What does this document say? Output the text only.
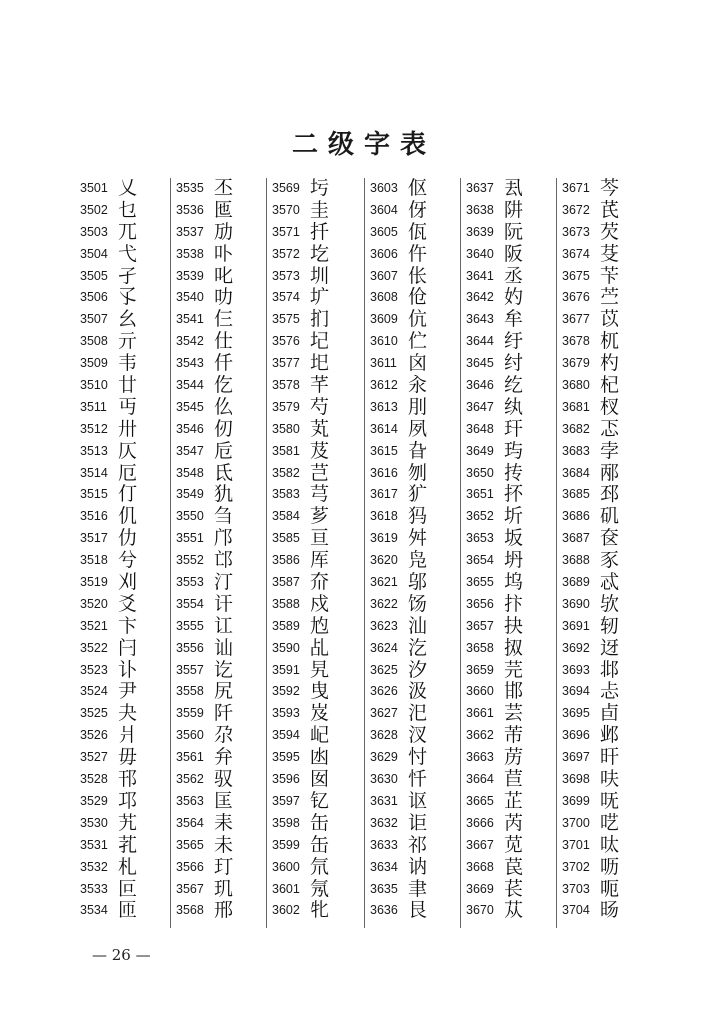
二级字表
3501 乂
3502 乜
3503 兀
3504 弋
3505 孑
3506 孓
3507 幺
3508 亓
3509 韦
3510 廿
3511 丏
3512 卅
3513 仄
3514 厄
3515 仃
3516 仉
3517 仂
3518 兮
3519 刈
3520 爻
3521 卞
3522 闩
3523 讣
3524 尹
3525 夬
3526 爿
3527 毋
3528 邗
3529 邛
3530 艽
3531 芤
3532 札
3533 叵
3534 匝
3535 丕
3536 匜
3537 劢
3538 卟
3539 叱
3540 叻
3541 仨
3542 仕
3543 仟
3544 仡
3545 仫
3546 仞
3547 卮
3548 氐
3549 犰
3550 刍
3551 邝
3552 邙
3553 汀
3554 讦
3555 讧
3556 讪
3557 讫
3558 尻
3559 阡
3560 尕
3561 弁
3562 驭
3563 匡
3564 耒
3565 未
3566 玎
3567 玑
3568 邢
3569 圬
3570 圭
3571 扦
3572 圪
3573 圳
3574 圹
3575 扪
3576 圮
3577 圯
3578 芊
3579 芍
3580 芄
3581 芨
3582 芑
3583 芎
3584 芗
3585 亘
3586 厍
3587 夼
3588 戍
3589 尥
3590 乩
3591 旯
3592 曳
3593 岌
3594 屺
3595 凼
3596 囡
3597 钇
3598 缶
3599 缶
3600 氘
3601 氖
3602 牝
3603 伛
3604 伢
3605 佤
3606 仵
3607 伥
3608 伧
3609 伉
3610 伫
3611 囟
3612 汆
3613 刖
3614 夙
3615 旮
3616 刎
3617 犷
3618 犸
3619 舛
3620 凫
3621 邬
3622 饧
3623 汕
3624 汔
3625 汐
3626 汲
3627 汜
3628 汊
3629 忖
3630 忏
3631 讴
3632 讵
3633 祁
3634 讷
3635 聿
3636 艮
3637 厾
3638 阱
3639 阮
3640 阪
3641 丞
3642 妁
3643 牟
3644 纡
3645 纣
3646 纥
3647 纨
3648 玕
3649 玙
3650 抟
3651 抔
3652 圻
3653 坂
3654 坍
3655 坞
3656 抃
3657 抉
3658 㧐
3659 芫
3660 邯
3661 芸
3662 芾
3663 苈
3664 苣
3665 芷
3666 芮
3667 苋
3668 苠
3669 苌
3670 苁
3671 芩
3672 芪
3673 芡
3674 芟
3675 苄
3676 苎
3677 苡
3678 杌
3679 杓
3680 杞
3681 杈
3682 忑
3683 孛
3684 邴
3685 邳
3686 矶
3687 奁
3688 豕
3689 忒
3690 欤
3691 轫
3692 迓
3693 邶
3694 忐
3695 卣
3696 邺
3697 旰
3698 呋
3699 呒
3700 呓
3701 呔
3702 呖
3703 呃
3704 旸
— 26 —
